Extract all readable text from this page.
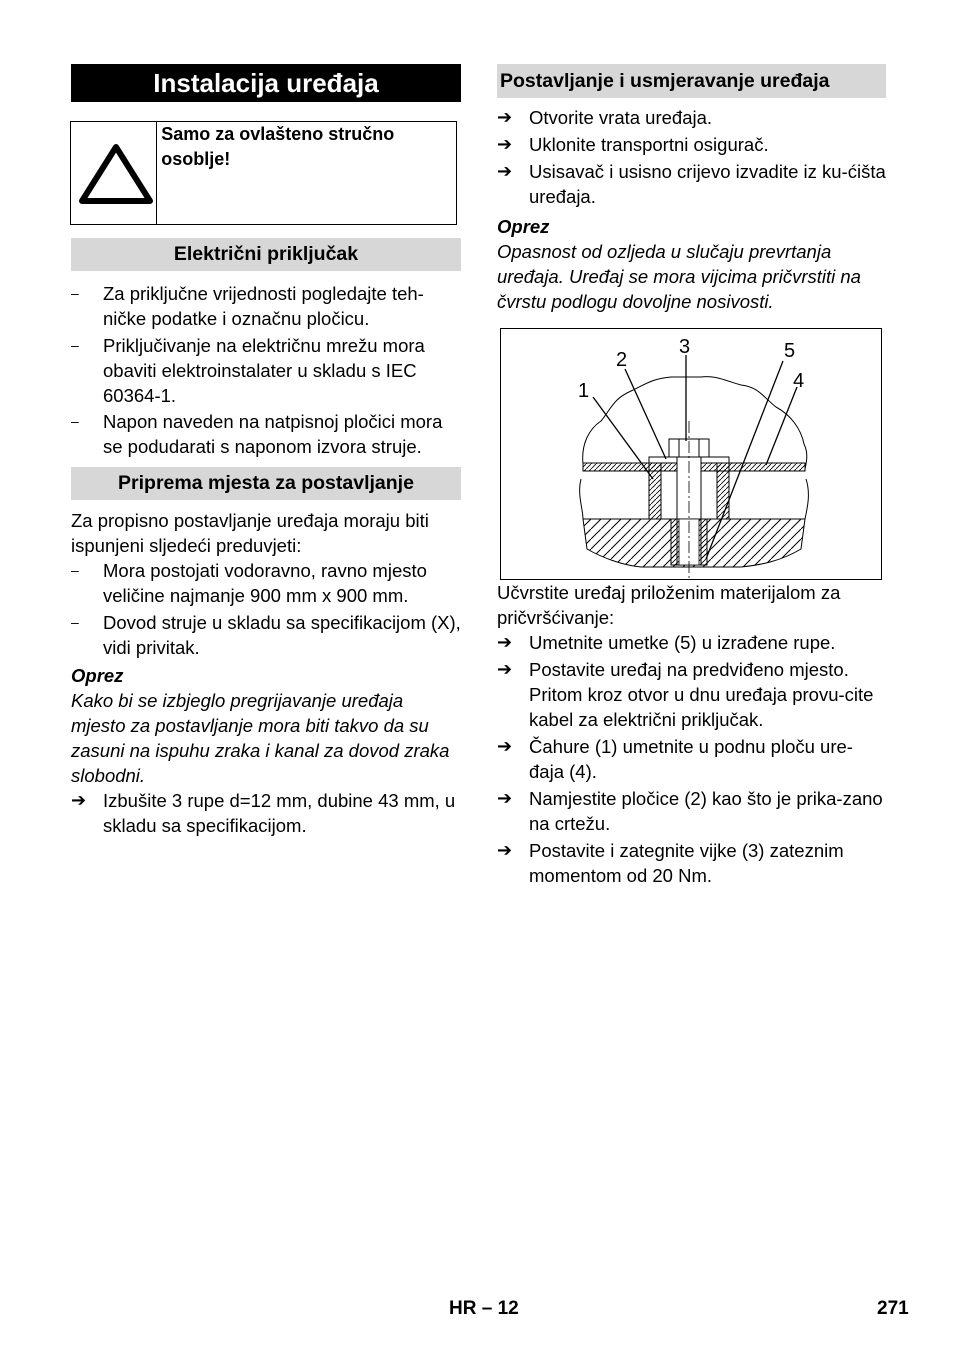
Instalacija uređaja
Samo za ovlašteno stručno osoblje!
Električni priključak
– Za priključne vrijednosti pogledajte teh-ničke podatke i označnu pločicu.
– Priključivanje na električnu mrežu mora obaviti elektroinstalater u skladu s IEC 60364-1.
– Napon naveden na natpisnoj pločici mora se podudarati s naponom izvora struje.
Priprema mjesta za postavljanje

Za propisno postavljanje uređaja moraju biti ispunjeni sljedeći preduvjeti:

– Mora postojati vodoravno, ravno mjesto veličine najmanje 900 mm x 900 mm.
– Dovod struje u skladu sa specifikacijom (X), vidi privitak.

Oprez

Kako bi se izbjeglo pregrijavanje uređaja mjesto za postavljanje mora biti takvo da su zasuni na ispuhu zraka i kanal za dovod zraka slobodni.

➔ Izbušite 3 rupe d=12 mm, dubine 43 mm, u skladu sa specifikacijom.
Postavljanje i usmjeravanje uređaja
➔ Otvorite vrata uređaja.
➔ Uklonite transportni osigurač.
➔ Usisavač i usisno crijevo izvadite iz ku-ćišta uređaja.

Oprez

Opasnost od ozljeda u slučaju prevrtanja uređaja. Uređaj se mora vijcima pričvrstiti na čvrstu podlogu dovoljne nosivosti.

1
2
3
4
5

Učvrstite uređaj priloženim materijalom za pričvršćivanje:

➔ Umetnite umetke (5) u izrađene rupe.
➔ Postavite uređaj na predviđeno mjesto. Pritom kroz otvor u dnu uređaja provu-cite kabel za električni priključak.
➔ Čahure (1) umetnite u podnu ploču ure-đaja (4).
➔ Namjestite pločice (2) kao što je prika-zano na crtežu.
➔ Postavite i zategnite vijke (3) zateznim momentom od 20 Nm.
HR – 12	271
